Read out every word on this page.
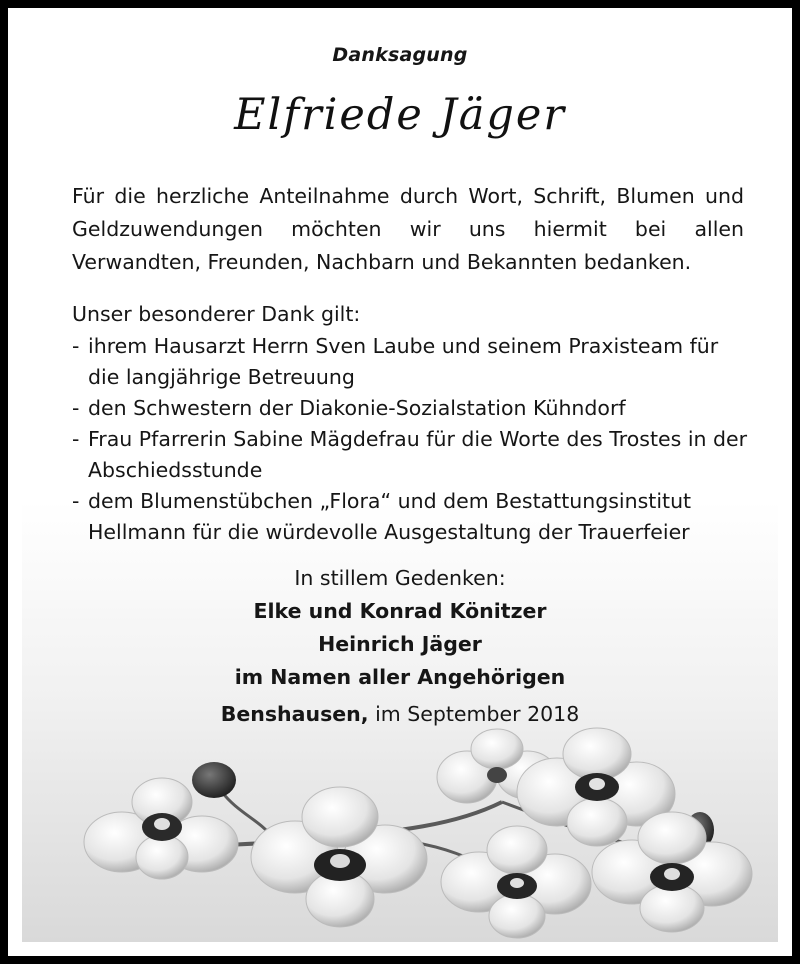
Danksagung
Elfriede Jäger
Für die herzliche Anteilnahme durch Wort, Schrift, Blumen und Geldzuwendungen möchten wir uns hiermit bei allen Verwandten, Freunden, Nachbarn und Bekannten bedanken.
Unser besonderer Dank gilt:
- ihrem Hausarzt Herrn Sven Laube und seinem Praxisteam für die langjährige Betreuung
- den Schwestern der Diakonie-Sozialstation Kühndorf
- Frau Pfarrerin Sabine Mägdefrau für die Worte des Trostes in der Abschiedsstunde
- dem Blumenstübchen „Flora“ und dem Bestattungsinstitut Hellmann für die würdevolle Ausgestaltung der Trauerfeier
In stillem Gedenken:
Elke und Konrad Könitzer
Heinrich Jäger
im Namen aller Angehörigen
Benshausen, im September 2018
